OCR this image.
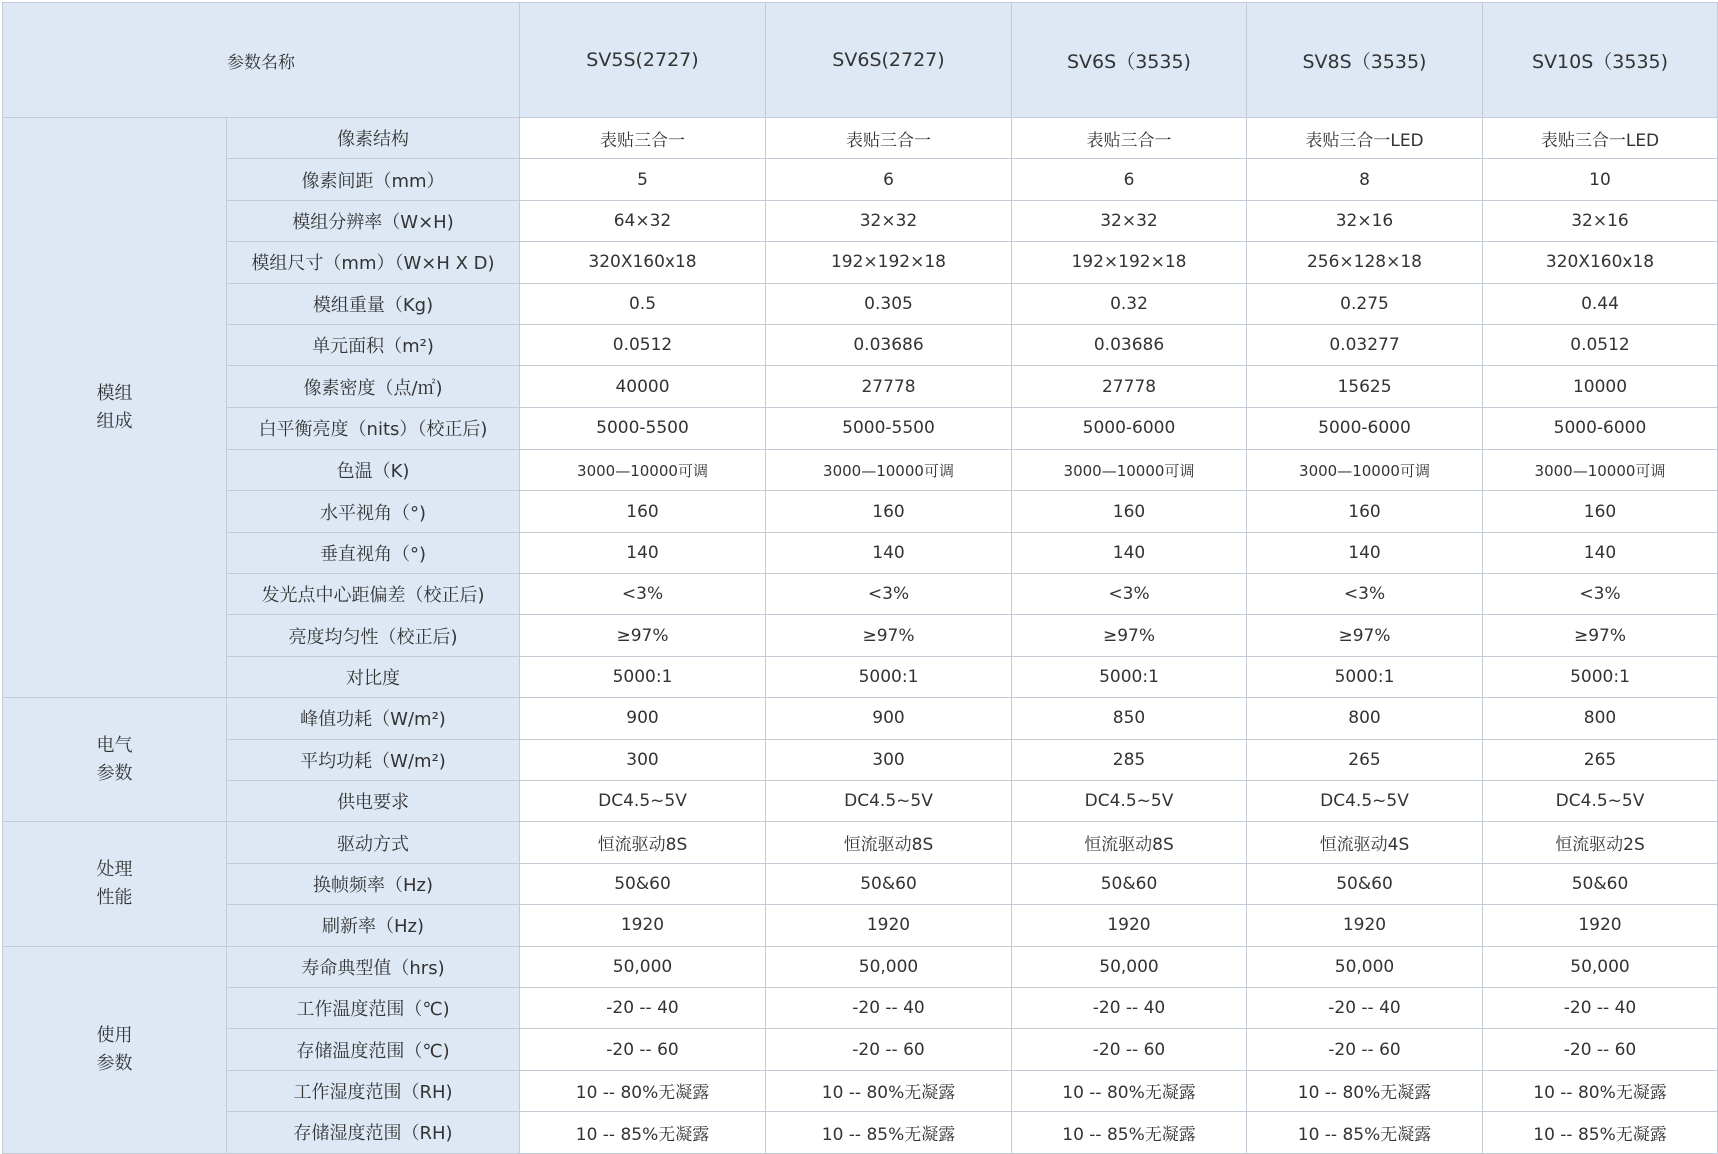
参数名称		SV5S(2727)	SV6S(2727)	SV6S（3535)	SV8S（3535)	SV10S（3535)

模组
组成	像素结构	表贴三合一	表贴三合一	表贴三合一	表贴三合一LED	表贴三合一LED
	像素间距（mm）	5	6	6	8	10
	模组分辨率（W×H)	64×32	32×32	32×32	32×16	32×16
	模组尺寸（mm）（W×H X D)	320X160x18	192×192×18	192×192×18	256×128×18	320X160x18
	模组重量（Kg)	0.5	0.305	0.32	0.275	0.44
	单元面积（m²)	0.0512	0.03686	0.03686	0.03277	0.0512
	像素密度（点/㎡)	40000	27778	27778	15625	10000
	白平衡亮度（nits）（校正后)	5000-5500	5000-5500	5000-6000	5000-6000	5000-6000
	色温（K)	3000—10000可调	3000—10000可调	3000—10000可调	3000—10000可调	3000—10000可调
	水平视角（°)	160	160	160	160	160
	垂直视角（°)	140	140	140	140	140
	发光点中心距偏差（校正后)	<3%	<3%	<3%	<3%	<3%
	亮度均匀性（校正后)	≥97%	≥97%	≥97%	≥97%	≥97%
	对比度	5000:1	5000:1	5000:1	5000:1	5000:1

电气
参数	峰值功耗（W/m²)	900	900	850	800	800
	平均功耗（W/m²)	300	300	285	265	265
	供电要求	DC4.5~5V	DC4.5~5V	DC4.5~5V	DC4.5~5V	DC4.5~5V

处理
性能	驱动方式	恒流驱动8S	恒流驱动8S	恒流驱动8S	恒流驱动4S	恒流驱动2S
	换帧频率（Hz)	50&60	50&60	50&60	50&60	50&60
	刷新率（Hz)	1920	1920	1920	1920	1920

使用
参数	寿命典型值（hrs)	50,000	50,000	50,000	50,000	50,000
	工作温度范围（℃)	-20 -- 40	-20 -- 40	-20 -- 40	-20 -- 40	-20 -- 40
	存储温度范围（℃)	-20 -- 60	-20 -- 60	-20 -- 60	-20 -- 60	-20 -- 60
	工作湿度范围（RH)	10 -- 80%无凝露	10 -- 80%无凝露	10 -- 80%无凝露	10 -- 80%无凝露	10 -- 80%无凝露
	存储湿度范围（RH)	10 -- 85%无凝露	10 -- 85%无凝露	10 -- 85%无凝露	10 -- 85%无凝露	10 -- 85%无凝露
